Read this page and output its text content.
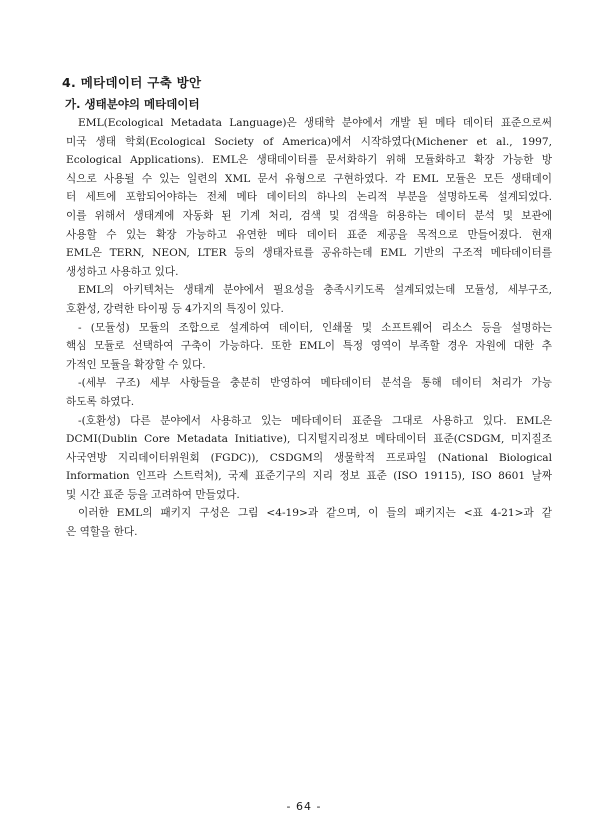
4. 메타데이터 구축 방안
가. 생태분야의 메타데이터
EML(Ecological Metadata Language)은 생태학 분야에서 개발 된 메타 데이터 표준으로써
미국 생태 학회(Ecological Society of America)에서 시작하였다(Michener et al., 1997,
Ecological Applications). EML은 생태데이터를 문서화하기 위해 모듈화하고 확장 가능한 방
식으로 사용될 수 있는 일련의 XML 문서 유형으로 구현하였다. 각 EML 모듈은 모든 생태데이
터 세트에 포함되어야하는 전체 메타 데이터의 하나의 논리적 부분을 설명하도록 설계되었다.
이를 위해서 생태계에 자동화 된 기계 처리, 검색 및 검색을 허용하는 데이터 분석 및 보관에
사용할 수 있는 확장 가능하고 유연한 메타 데이터 표준 제공을 목적으로 만들어졌다. 현재
EML은 TERN, NEON, LTER 등의 생태자료를 공유하는데 EML 기반의 구조적 메타데이터를
생성하고 사용하고 있다.
EML의 아키텍처는 생태계 분야에서 필요성을 충족시키도록 설계되었는데 모듈성, 세부구조,
호환성, 강력한 타이핑 등 4가지의 특징이 있다.
- (모듈성) 모듈의 조합으로 설계하여 데이터, 인쇄물 및 소프트웨어 리소스 등을 설명하는
핵심 모듈로 선택하여 구축이 가능하다. 또한 EML이 특정 영역이 부족할 경우 자원에 대한 추
가적인 모듈을 확장할 수 있다.
-(세부 구조) 세부 사항들을 충분히 반영하여 메타데이터 분석을 통해 데이터 처리가 가능
하도록 하였다.
-(호환성) 다른 분야에서 사용하고 있는 메타데이터 표준을 그대로 사용하고 있다. EML은
DCMI(Dublin Core Metadata Initiative), 디지털지리정보 메타데이터 표준(CSDGM, 미지질조
사국연방 지리데이터위원회 (FGDC)), CSDGM의 생물학적 프로파일 (National Biological
Information 인프라 스트럭처), 국제 표준기구의 지리 정보 표준 (ISO 19115), ISO 8601 날짜
및 시간 표준 등을 고려하여 만들었다.
이러한 EML의 패키지 구성은 그림 <4-19>과 같으며, 이 들의 패키지는 <표 4-21>과 같
은 역할을 한다.
- 64 -
